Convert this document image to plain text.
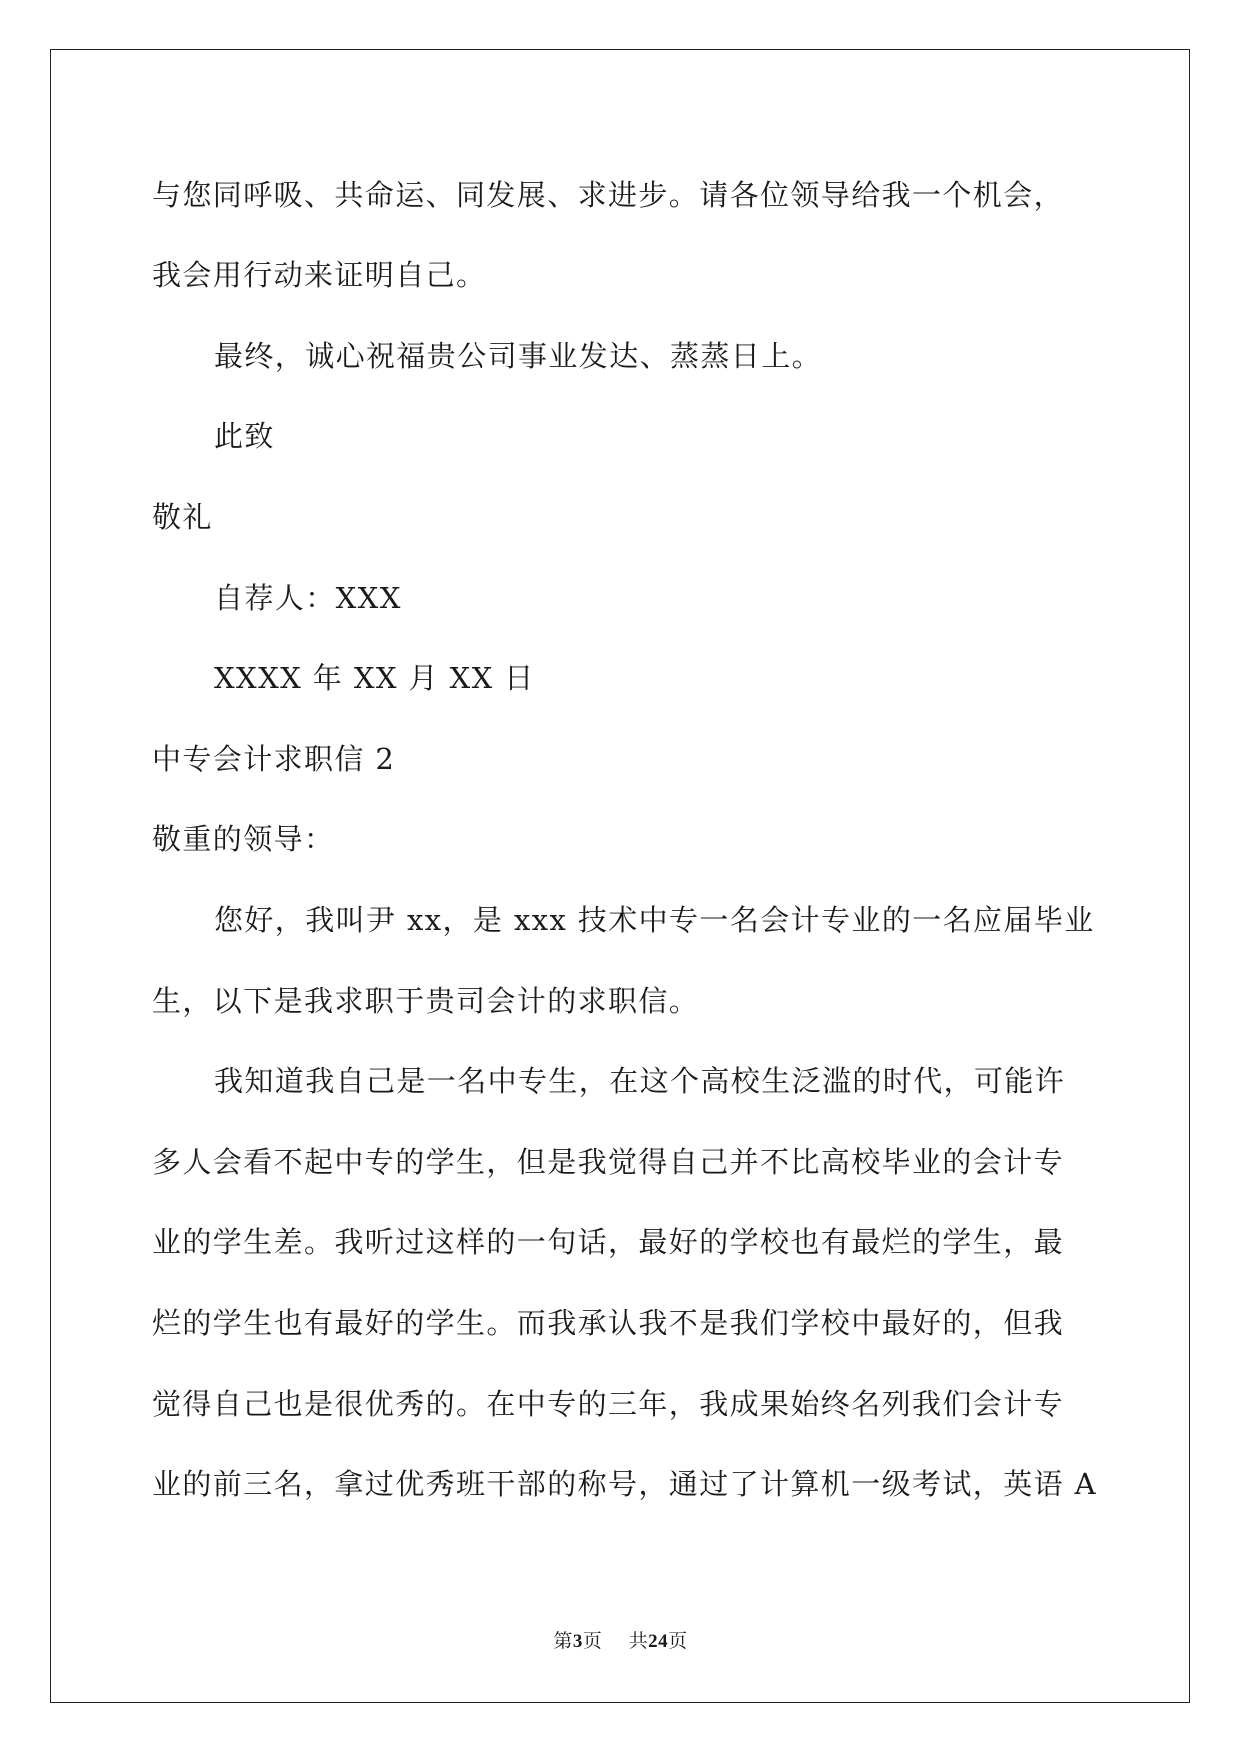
与您同呼吸、共命运、同发展、求进步。请各位领导给我一个机会，
我会用行动来证明自己。
最终，诚心祝福贵公司事业发达、蒸蒸日上。
此致
敬礼
自荐人：XXX
XXXX 年 XX 月 XX 日
中专会计求职信 2
敬重的领导：
您好，我叫尹 xx，是 xxx 技术中专一名会计专业的一名应届毕业
生，以下是我求职于贵司会计的求职信。
我知道我自己是一名中专生，在这个高校生泛滥的时代，可能许
多人会看不起中专的学生，但是我觉得自己并不比高校毕业的会计专
业的学生差。我听过这样的一句话，最好的学校也有最烂的学生，最
烂的学生也有最好的学生。而我承认我不是我们学校中最好的，但我
觉得自己也是很优秀的。在中专的三年，我成果始终名列我们会计专
业的前三名，拿过优秀班干部的称号，通过了计算机一级考试，英语 A
第3页 共24页
